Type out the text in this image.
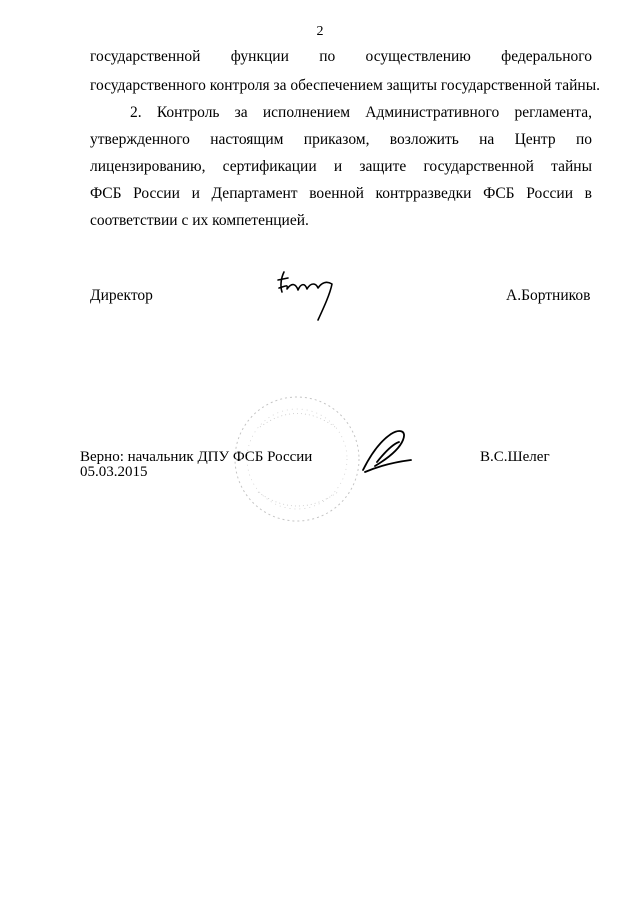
2
государственной функции по осуществлению федерального
государственного контроля за обеспечением защиты государственной тайны.
2. Контроль за исполнением Административного регламента,
утвержденного настоящим приказом, возложить на Центр по
лицензированию, сертификации и защите государственной тайны
ФСБ России и Департамент военной контрразведки ФСБ России в
соответствии с их компетенцией.
Директор	А.Бортников
Верно: начальник ДПУ ФСБ России
05.03.2015
В.С.Шелег
